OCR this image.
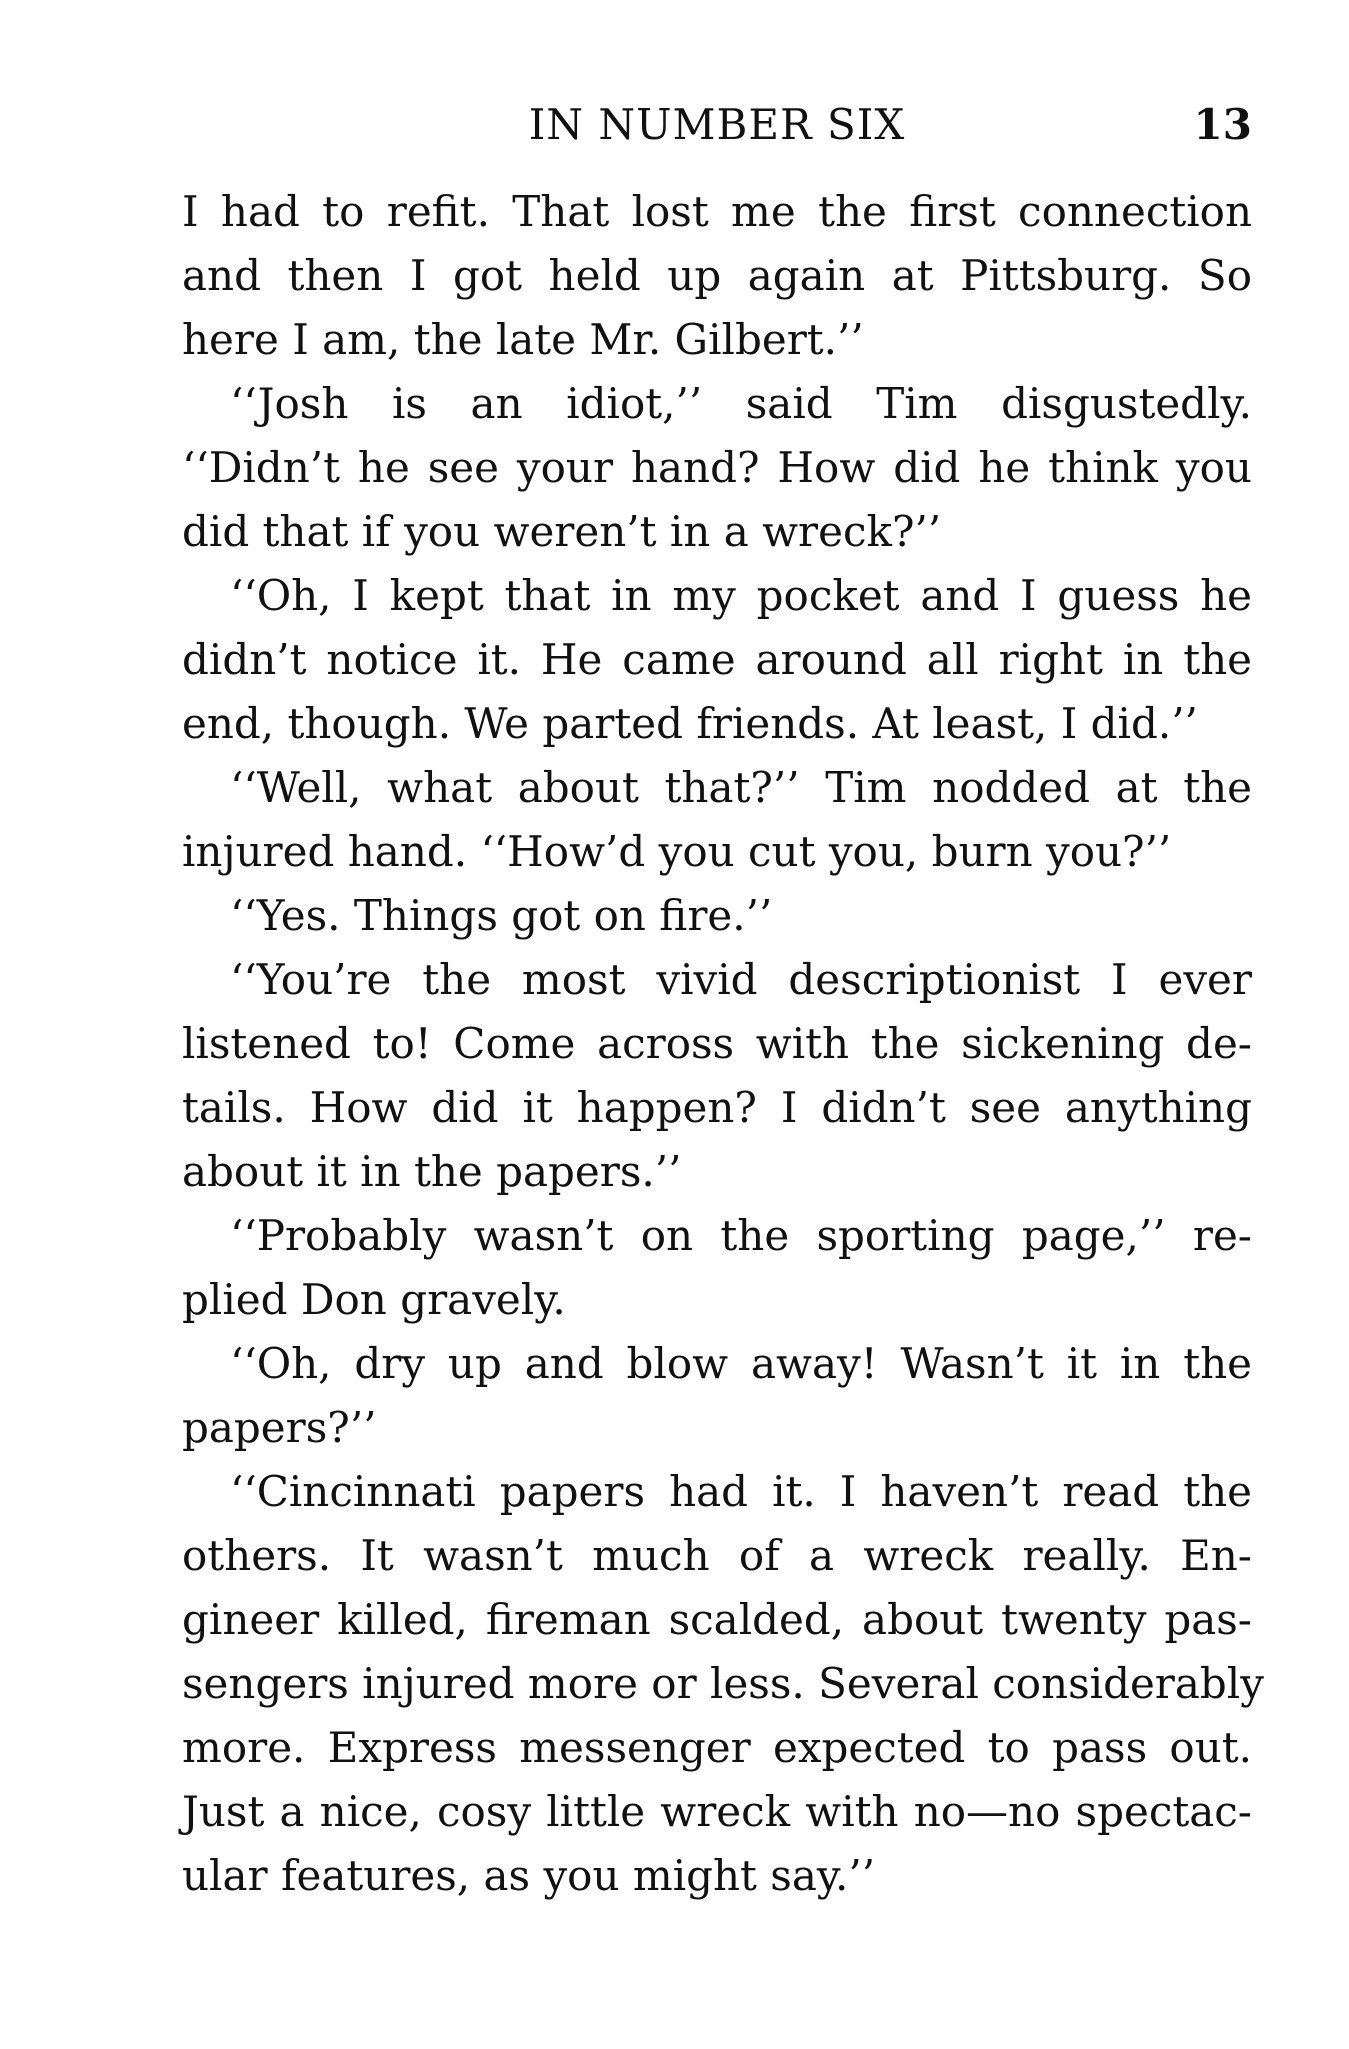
IN NUMBER SIX	13
I had to refit. That lost me the first connection
and then I got held up again at Pittsburg. So
here I am, the late Mr. Gilbert.’’
‘‘Josh is an idiot,’’ said Tim disgustedly.
‘‘Didn’t he see your hand? How did he think you
did that if you weren’t in a wreck?’’
‘‘Oh, I kept that in my pocket and I guess he
didn’t notice it. He came around all right in the
end, though. We parted friends. At least, I did.’’
‘‘Well, what about that?’’ Tim nodded at the
injured hand. ‘‘How’d you cut you, burn you?’’
‘‘Yes. Things got on fire.’’
‘‘You’re the most vivid descriptionist I ever
listened to! Come across with the sickening de-
tails. How did it happen? I didn’t see anything
about it in the papers.’’
‘‘Probably wasn’t on the sporting page,’’ re-
plied Don gravely.
‘‘Oh, dry up and blow away! Wasn’t it in the
papers?’’
‘‘Cincinnati papers had it. I haven’t read the
others. It wasn’t much of a wreck really. En-
gineer killed, fireman scalded, about twenty pas-
sengers injured more or less. Several considerably
more. Express messenger expected to pass out.
Just a nice, cosy little wreck with no—no spectac-
ular features, as you might say.’’
